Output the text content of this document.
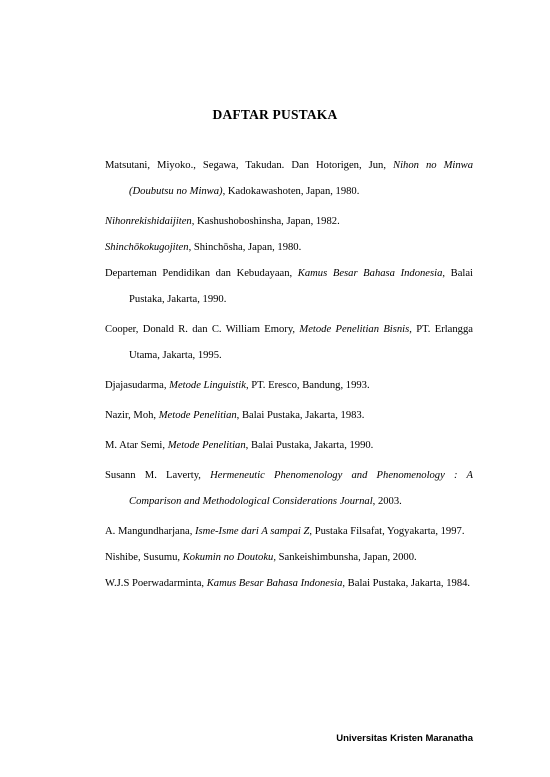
DAFTAR PUSTAKA
Matsutani, Miyoko., Segawa, Takudan. Dan Hotorigen, Jun, Nihon no Minwa (Doubutsu no Minwa), Kadokawashoten, Japan, 1980.
Nihonrekishidaijiten, Kashushoboshinsha, Japan, 1982.
Shinchōkokugojiten, Shinchōsha, Japan, 1980.
Departeman Pendidikan dan Kebudayaan, Kamus Besar Bahasa Indonesia, Balai Pustaka, Jakarta, 1990.
Cooper, Donald R. dan C. William Emory, Metode Penelitian Bisnis, PT. Erlangga Utama, Jakarta, 1995.
Djajasudarma, Metode Linguistik, PT. Eresco, Bandung, 1993.
Nazir, Moh, Metode Penelitian, Balai Pustaka, Jakarta, 1983.
M. Atar Semi, Metode Penelitian, Balai Pustaka, Jakarta, 1990.
Susann M. Laverty, Hermeneutic Phenomenology and Phenomenology : A Comparison and Methodological Considerations Journal, 2003.
A. Mangundharjana, Isme-Isme dari A sampai Z, Pustaka Filsafat, Yogyakarta, 1997.
Nishibe, Susumu, Kokumin no Doutoku, Sankeishimbunsha, Japan, 2000.
W.J.S Poerwadarminta, Kamus Besar Bahasa Indonesia, Balai Pustaka, Jakarta, 1984.
Universitas Kristen Maranatha
